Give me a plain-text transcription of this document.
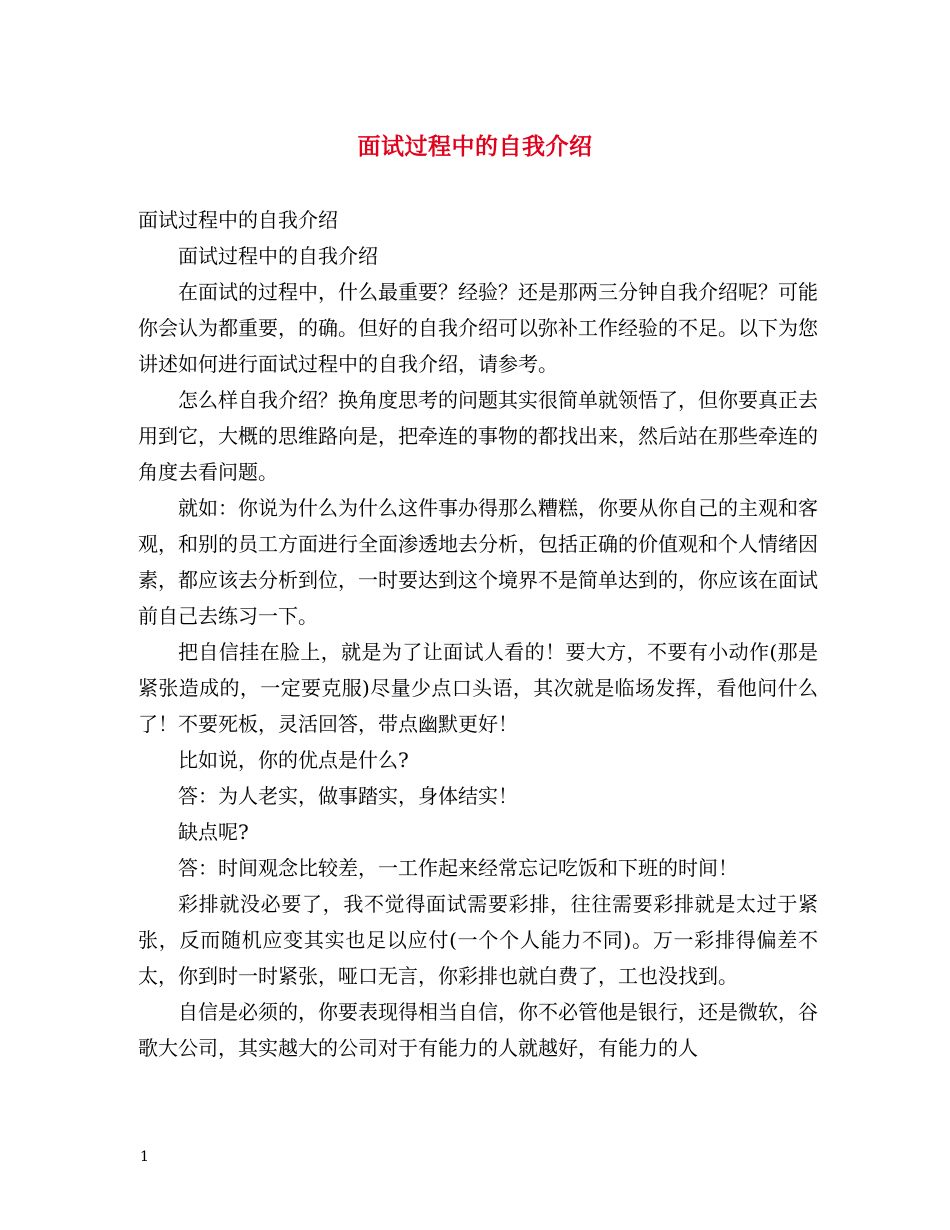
面试过程中的自我介绍

面试过程中的自我介绍

面试过程中的自我介绍

在面试的过程中，什么最重要？经验？还是那两三分钟自我介绍呢？可能你会认为都重要，的确。但好的自我介绍可以弥补工作经验的不足。以下为您讲述如何进行面试过程中的自我介绍，请参考。

怎么样自我介绍？换角度思考的问题其实很简单就领悟了，但你要真正去用到它，大概的思维路向是，把牵连的事物的都找出来，然后站在那些牵连的角度去看问题。

就如：你说为什么为什么这件事办得那么糟糕，你要从你自己的主观和客观，和别的员工方面进行全面渗透地去分析，包括正确的价值观和个人情绪因素，都应该去分析到位，一时要达到这个境界不是简单达到的，你应该在面试前自己去练习一下。

把自信挂在脸上，就是为了让面试人看的！要大方，不要有小动作(那是紧张造成的，一定要克服)尽量少点口头语，其次就是临场发挥，看他问什么了！不要死板，灵活回答，带点幽默更好！

比如说，你的优点是什么?

答：为人老实，做事踏实，身体结实！

缺点呢?

答：时间观念比较差，一工作起来经常忘记吃饭和下班的时间！

彩排就没必要了，我不觉得面试需要彩排，往往需要彩排就是太过于紧张，反而随机应变其实也足以应付(一个个人能力不同)。万一彩排得偏差不太，你到时一时紧张，哑口无言，你彩排也就白费了，工也没找到。

自信是必须的，你要表现得相当自信，你不必管他是银行，还是微软，谷歌大公司，其实越大的公司对于有能力的人就越好，有能力的人

1
